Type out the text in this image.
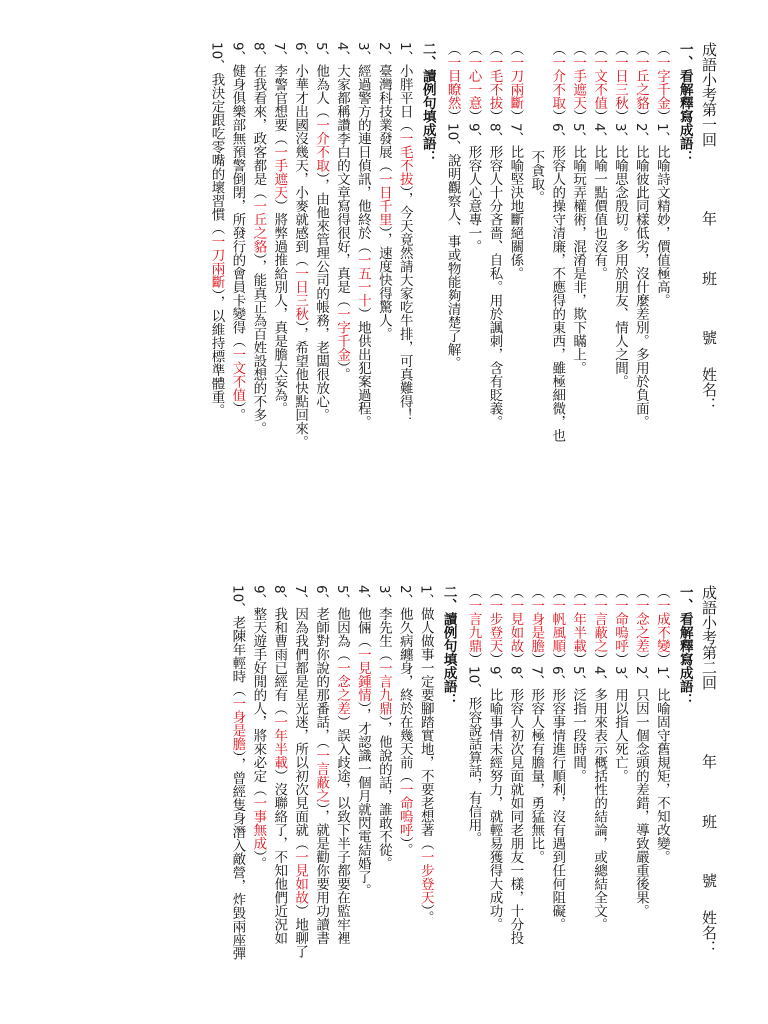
成語小考第一回 年 班 號 姓名：
一、看解釋寫成語：
（一字千金）1、比喻詩文精妙，價值極高。
（一丘之貉）2、比喻彼此同樣低劣，沒什麼差別。多用於負面。
（一日三秋）3、比喻思念殷切。多用於朋友、情人之間。
（一文不值）4、比喻一點價值也沒有。
（一手遮天）5、比喻玩弄權術，混淆是非，欺下瞞上。
（一介不取）6、形容人的操守清廉，不應得的東西，雖極細微，也
　　　　　　　　不貪取。
（一刀兩斷）7、比喻堅決地斷絕關係。
（一毛不拔）8、形容人十分吝嗇、自私。用於諷刺，含有貶義。
（一心一意）9、形容人心意專一。
（一目瞭然）10、說明觀察人、事或物能夠清楚了解。
二、讀例句填成語：
1、小胖平日（一毛不拔），今天竟然請大家吃牛排，可真難得！
2、臺灣科技業發展（一日千里），速度快得驚人。
3、經過警方的連日偵訊，他終於（一五一十）地供出犯案過程。
4、大家都稱讚李白的文章寫得很好，真是（一字千金）。
5、他為人（一介不取），由他來管理公司的帳務，老闆很放心。
6、小華才出國沒幾天，小麥就感到（一日三秋），希望他快點回來。
7、李警官想要（一手遮天）將弊過推給別人，真是膽大妄為。
8、在我看來，政客都是（一丘之貉），能真正為百姓設想的不多。
9、健身俱樂部無預警倒閉，所發行的會員卡變得（一文不值）。
10、我決定跟吃零嘴的壞習慣（一刀兩斷），以維持標準體重。
成語小考第二回 年 班 號 姓名：
一、看解釋寫成語：
（一成不變）1、比喻固守舊規矩，不知改變。
（一念之差）2、只因一個念頭的差錯，導致嚴重後果。
（一命嗚呼）3、用以指人死亡。
（一言蔽之）4、多用來表示概括性的結論，或總結全文。
（一年半載）5、泛指一段時間。
（一帆風順）6、形容事情進行順利，沒有遇到任何阻礙。
（一身是膽）7、形容人極有膽量，勇猛無比。
（一見如故）8、形容人初次見面就如同老朋友一樣，十分投
（一步登天）9、比喻事情未經努力，就輕易獲得大成功。
（一言九鼎）10、形容說話算話，有信用。
二、讀例句填成語：
1、做人做事一定要腳踏實地，不要老想著（一步登天）。
2、他久病纏身，終於在幾天前（一命嗚呼）。
3、李先生（一言九鼎），他說的話，誰敢不從。
4、他倆（一見鍾情），才認識一個月就閃電結婚了。
5、他因為（一念之差）誤入歧途，以致下半子都要在監牢裡
6、老師對你說的那番話，（一言蔽之），就是勸你要用功讀書
7、因為我們都是星光迷，所以初次見面就（一見如故）地聊了
8、我和曹雨已經有（一年半載）沒聯絡了，不知他們近況如
9、整天遊手好閒的人，將來必定（一事無成）。
10、老陳年輕時（一身是膽），曾經隻身潛入敵營，炸毀兩座彈
